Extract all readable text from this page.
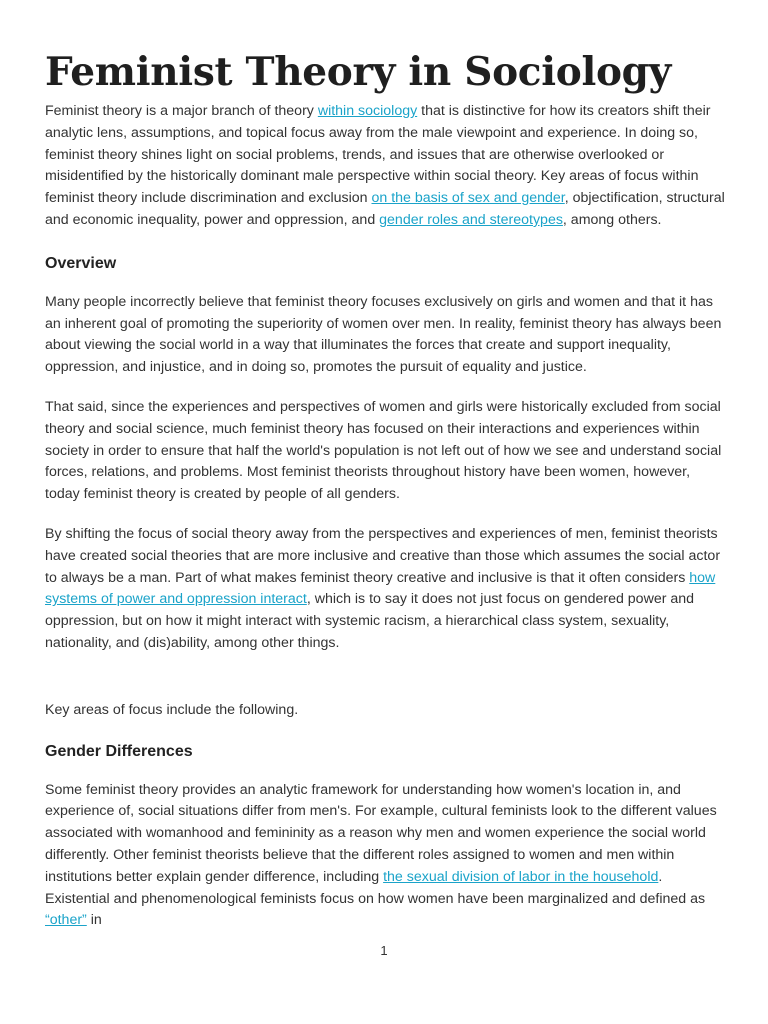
Feminist Theory in Sociology

Feminist theory is a major branch of theory within sociology that is distinctive for how its creators shift their analytic lens, assumptions, and topical focus away from the male viewpoint and experience. In doing so, feminist theory shines light on social problems, trends, and issues that are otherwise overlooked or misidentified by the historically dominant male perspective within social theory. Key areas of focus within feminist theory include discrimination and exclusion on the basis of sex and gender, objectification, structural and economic inequality, power and oppression, and gender roles and stereotypes, among others.

Overview

Many people incorrectly believe that feminist theory focuses exclusively on girls and women and that it has an inherent goal of promoting the superiority of women over men. In reality, feminist theory has always been about viewing the social world in a way that illuminates the forces that create and support inequality, oppression, and injustice, and in doing so, promotes the pursuit of equality and justice.

That said, since the experiences and perspectives of women and girls were historically excluded from social theory and social science, much feminist theory has focused on their interactions and experiences within society in order to ensure that half the world's population is not left out of how we see and understand social forces, relations, and problems. Most feminist theorists throughout history have been women, however, today feminist theory is created by people of all genders.

By shifting the focus of social theory away from the perspectives and experiences of men, feminist theorists have created social theories that are more inclusive and creative than those which assumes the social actor to always be a man. Part of what makes feminist theory creative and inclusive is that it often considers how systems of power and oppression interact, which is to say it does not just focus on gendered power and oppression, but on how it might interact with systemic racism, a hierarchical class system, sexuality, nationality, and (dis)ability, among other things.

Key areas of focus include the following.

Gender Differences

Some feminist theory provides an analytic framework for understanding how women's location in, and experience of, social situations differ from men's. For example, cultural feminists look to the different values associated with womanhood and femininity as a reason why men and women experience the social world differently. Other feminist theorists believe that the different roles assigned to women and men within institutions better explain gender difference, including the sexual division of labor in the household. Existential and phenomenological feminists focus on how women have been marginalized and defined as “other” in

1
